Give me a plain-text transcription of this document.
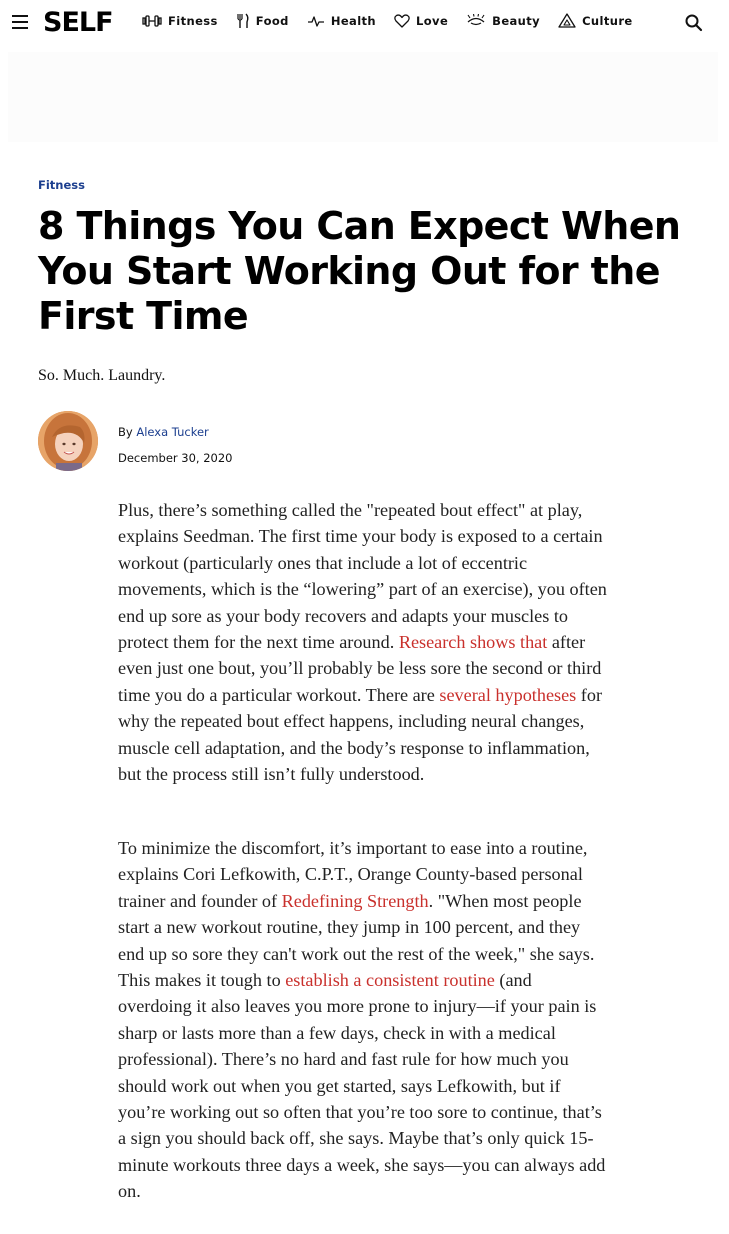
SELF	Fitness	Food	Health	Love	Beauty	Culture
Fitness
8 Things You Can Expect When You Start Working Out for the First Time

So. Much. Laundry.

By Alexa Tucker
December 30, 2020

Plus, there’s something called the "repeated bout effect" at play, explains Seedman. The first time your body is exposed to a certain workout (particularly ones that include a lot of eccentric movements, which is the “lowering” part of an exercise), you often end up sore as your body recovers and adapts your muscles to protect them for the next time around. Research shows that after even just one bout, you’ll probably be less sore the second or third time you do a particular workout. There are several hypotheses for why the repeated bout effect happens, including neural changes, muscle cell adaptation, and the body’s response to inflammation, but the process still isn’t fully understood.

To minimize the discomfort, it’s important to ease into a routine, explains Cori Lefkowith, C.P.T., Orange County-based personal trainer and founder of Redefining Strength. "When most people start a new workout routine, they jump in 100 percent, and they end up so sore they can't work out the rest of the week," she says. This makes it tough to establish a consistent routine (and overdoing it also leaves you more prone to injury—if your pain is sharp or lasts more than a few days, check in with a medical professional). There’s no hard and fast rule for how much you should work out when you get started, says Lefkowith, but if you’re working out so often that you’re too sore to continue, that’s a sign you should back off, she says. Maybe that’s only quick 15-minute workouts three days a week, she says—you can always add on.
